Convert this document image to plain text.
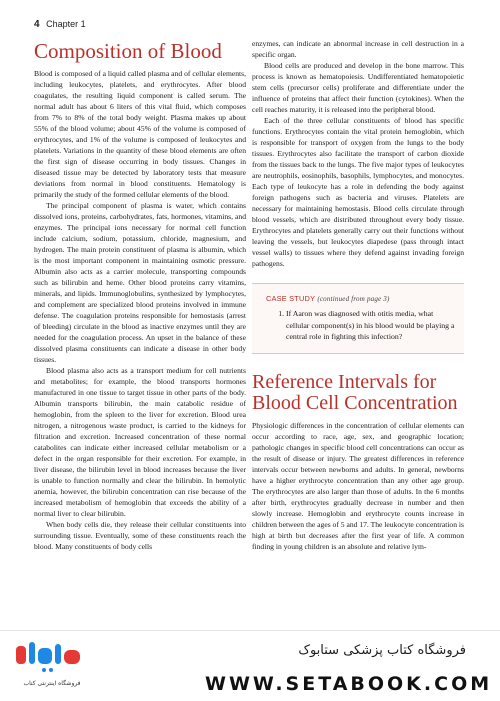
4 Chapter 1
Composition of Blood

Blood is composed of a liquid called plasma and of cellular elements, including leukocytes, platelets, and erythrocytes. After blood coagulates, the resulting liquid component is called serum. The normal adult has about 6 liters of this vital fluid, which composes from 7% to 8% of the total body weight. Plasma makes up about 55% of the blood volume; about 45% of the volume is composed of erythrocytes, and 1% of the volume is composed of leukocytes and platelets. Variations in the quantity of these blood elements are often the first sign of disease occurring in body tissues. Changes in diseased tissue may be detected by laboratory tests that measure deviations from normal in blood constituents. Hematology is primarily the study of the formed cellular elements of the blood.

The principal component of plasma is water, which contains dissolved ions, proteins, carbohydrates, fats, hormones, vitamins, and enzymes. The principal ions necessary for normal cell function include calcium, sodium, potassium, chloride, magnesium, and hydrogen. The main protein constituent of plasma is albumin, which is the most important component in maintaining osmotic pressure. Albumin also acts as a carrier molecule, transporting compounds such as bilirubin and heme. Other blood proteins carry vitamins, minerals, and lipids. Immunoglobulins, synthesized by lymphocytes, and complement are specialized blood proteins involved in immune defense. The coagulation proteins responsible for hemostasis (arrest of bleeding) circulate in the blood as inactive enzymes until they are needed for the coagulation process. An upset in the balance of these dissolved plasma constituents can indicate a disease in other body tissues.

Blood plasma also acts as a transport medium for cell nutrients and metabolites; for example, the blood transports hormones manufactured in one tissue to target tissue in other parts of the body. Albumin transports bilirubin, the main catabolic residue of hemoglobin, from the spleen to the liver for excretion. Blood urea nitrogen, a nitrogenous waste product, is carried to the kidneys for filtration and excretion. Increased concentration of these normal catabolites can indicate either increased cellular metabolism or a defect in the organ responsible for their excretion. For example, in liver disease, the bilirubin level in blood increases because the liver is unable to function normally and clear the bilirubin. In hemolytic anemia, however, the bilirubin concentration can rise because of the increased metabolism of hemoglobin that exceeds the ability of a normal liver to clear bilirubin.

When body cells die, they release their cellular constituents into surrounding tissue. Eventually, some of these constituents reach the blood. Many constituents of body cells

enzymes, can indicate an abnormal increase in cell destruction in a specific organ.

Blood cells are produced and develop in the bone marrow. This process is known as hematopoiesis. Undifferentiated hematopoietic stem cells (precursor cells) proliferate and differentiate under the influence of proteins that affect their function (cytokines). When the cell reaches maturity, it is released into the peripheral blood.

Each of the three cellular constituents of blood has specific functions. Erythrocytes contain the vital protein hemoglobin, which is responsible for transport of oxygen from the lungs to the body tissues. Erythrocytes also facilitate the transport of carbon dioxide from the tissues back to the lungs. The five major types of leukocytes are neutrophils, eosinophils, basophils, lymphocytes, and monocytes. Each type of leukocyte has a role in defending the body against foreign pathogens such as bacteria and viruses. Platelets are necessary for maintaining hemostasis. Blood cells circulate through blood vessels, which are distributed throughout every body tissue. Erythrocytes and platelets generally carry out their functions without leaving the vessels, but leukocytes diapedese (pass through intact vessel walls) to tissues where they defend against invading foreign pathogens.

CASE STUDY (continued from page 3)
1. If Aaron was diagnosed with otitis media, what cellular component(s) in his blood would be playing a central role in fighting this infection?
Reference Intervals for Blood Cell Concentration

Physiologic differences in the concentration of cellular elements can occur according to race, age, sex, and geographic location; pathologic changes in specific blood cell concentrations can occur as the result of disease or injury. The greatest differences in reference intervals occur between newborns and adults. In general, newborns have a higher erythrocyte concentration than any other age group. The erythrocytes are also larger than those of adults. In the 6 months after birth, erythrocytes gradually decrease in number and then slowly increase. Hemoglobin and erythrocyte counts increase in children between the ages of 5 and 17. The leukocyte concentration is high at birth but decreases after the first year of life. A common finding in young children is an absolute and relative lym-

فروشگاه اینترنتی کتاب
فروشگاه کتاب پزشکی ستابوک
WWW.SETABOOK.COM
